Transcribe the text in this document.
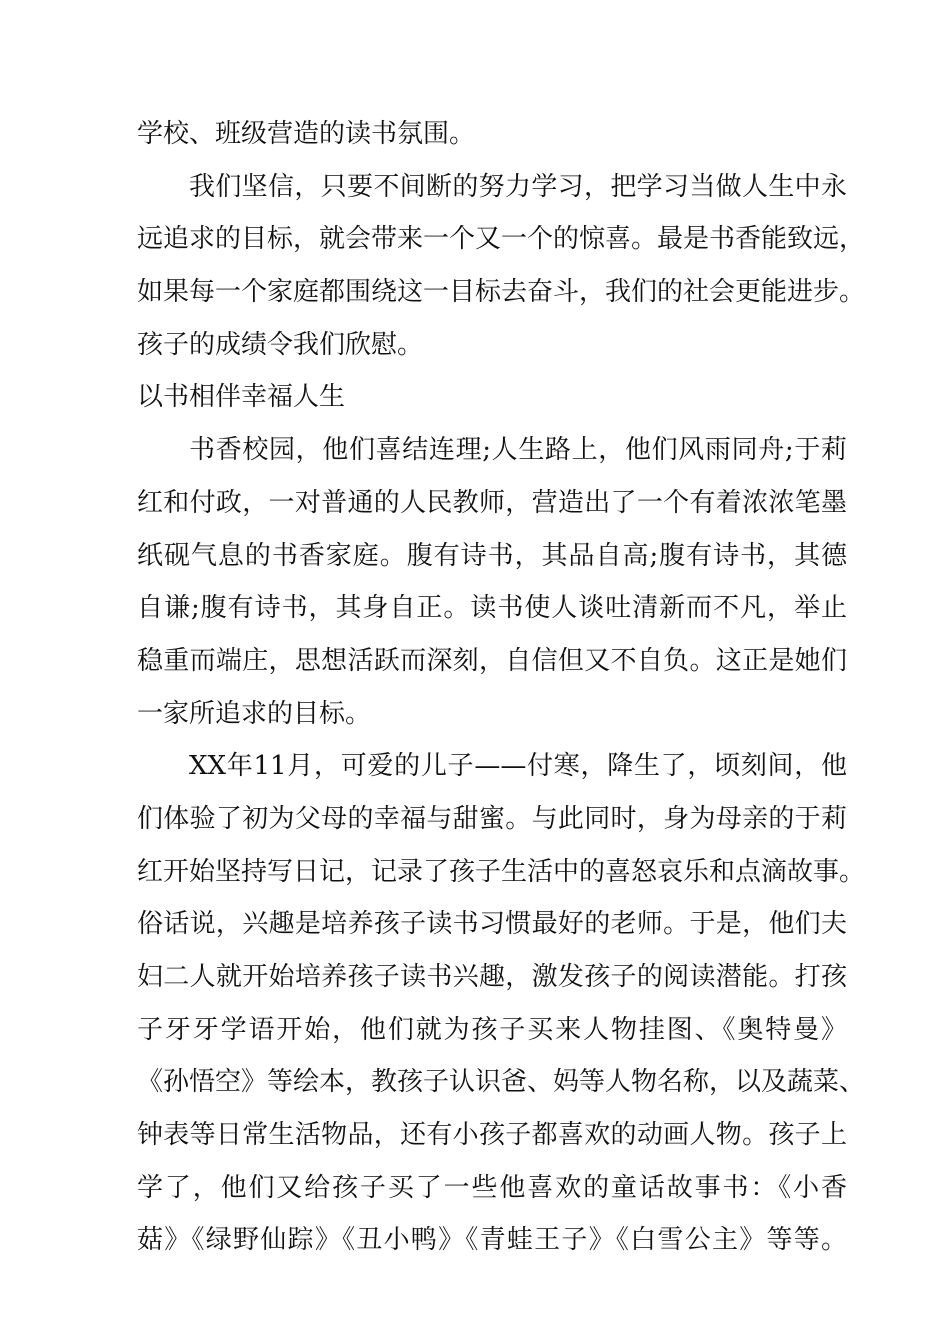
学校、班级营造的读书氛围。
我们坚信，只要不间断的努力学习，把学习当做人生中永
远追求的目标，就会带来一个又一个的惊喜。最是书香能致远，
如果每一个家庭都围绕这一目标去奋斗，我们的社会更能进步。
孩子的成绩令我们欣慰。
以书相伴幸福人生
书香校园，他们喜结连理;人生路上，他们风雨同舟;于莉
红和付政，一对普通的人民教师，营造出了一个有着浓浓笔墨
纸砚气息的书香家庭。腹有诗书，其品自高;腹有诗书，其德
自谦;腹有诗书，其身自正。读书使人谈吐清新而不凡，举止
稳重而端庄，思想活跃而深刻，自信但又不自负。这正是她们
一家所追求的目标。
XX年11月，可爱的儿子——付寒，降生了，顷刻间，他
们体验了初为父母的幸福与甜蜜。与此同时，身为母亲的于莉
红开始坚持写日记，记录了孩子生活中的喜怒哀乐和点滴故事。
俗话说，兴趣是培养孩子读书习惯最好的老师。于是，他们夫
妇二人就开始培养孩子读书兴趣，激发孩子的阅读潜能。打孩
子牙牙学语开始，他们就为孩子买来人物挂图、《奥特曼》
《孙悟空》等绘本，教孩子认识爸、妈等人物名称，以及蔬菜、
钟表等日常生活物品，还有小孩子都喜欢的动画人物。孩子上
学了，他们又给孩子买了一些他喜欢的童话故事书：《小香
菇》《绿野仙踪》《丑小鸭》《青蛙王子》《白雪公主》等等。
